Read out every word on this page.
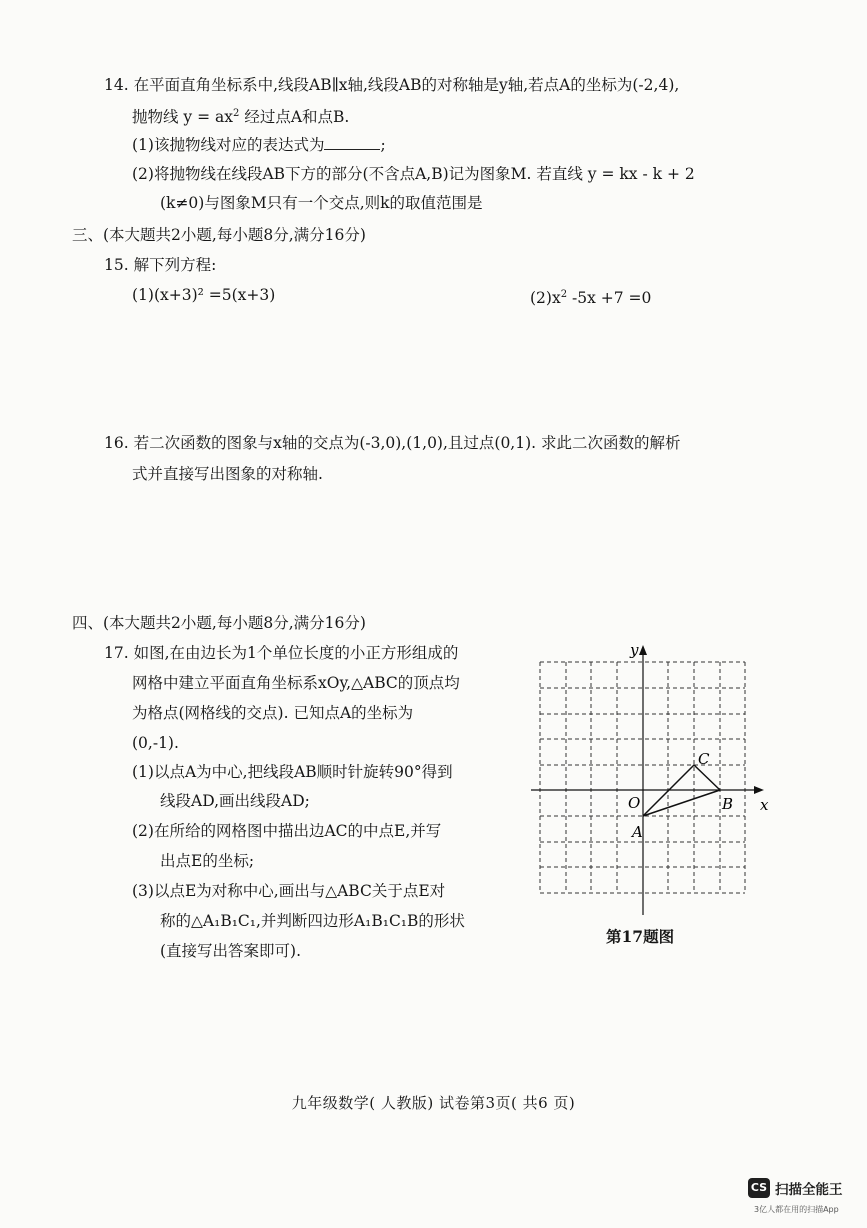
14. 在平面直角坐标系中,线段AB∥x轴,线段AB的对称轴是y轴,若点A的坐标为(-2,4),
抛物线 $y = ax^2$ 经过点A和点B.
(1)该抛物线对应的表达式为	;
(2)将抛物线在线段AB下方的部分(不含点A,B)记为图象M. 若直线 y = kx - k + 2
(k≠0)与图象M只有一个交点,则k的取值范围是
三、(本大题共2小题,每小题8分,满分16分)
15. 解下列方程:
(1)(x+3)² =5(x+3)	$(2)x^2$ -5x +7 =0
16. 若二次函数的图象与x轴的交点为(-3,0),(1,0),且过点(0,1). 求此二次函数的解析
式并直接写出图象的对称轴.
四、(本大题共2小题,每小题8分,满分16分)
17. 如图,在由边长为1个单位长度的小正方形组成的
网格中建立平面直角坐标系xOy,△ABC的顶点均
为格点(网格线的交点). 已知点A的坐标为
(0,-1).
(1)以点A为中心,把线段AB顺时针旋转90°得到
线段AD,画出线段AD;
(2)在所给的网格图中描出边AC的中点E,并写
出点E的坐标;
(3)以点E为对称中心,画出与△ABC关于点E对
称的△A₁B₁C₁,并判断四边形A₁B₁C₁B的形状
(直接写出答案即可).
y
x
O
A
B
C
第17题图
九年级数学( 人教版) 试卷第3页( 共6 页)
CS 扫描全能王
3亿人都在用的扫描App
